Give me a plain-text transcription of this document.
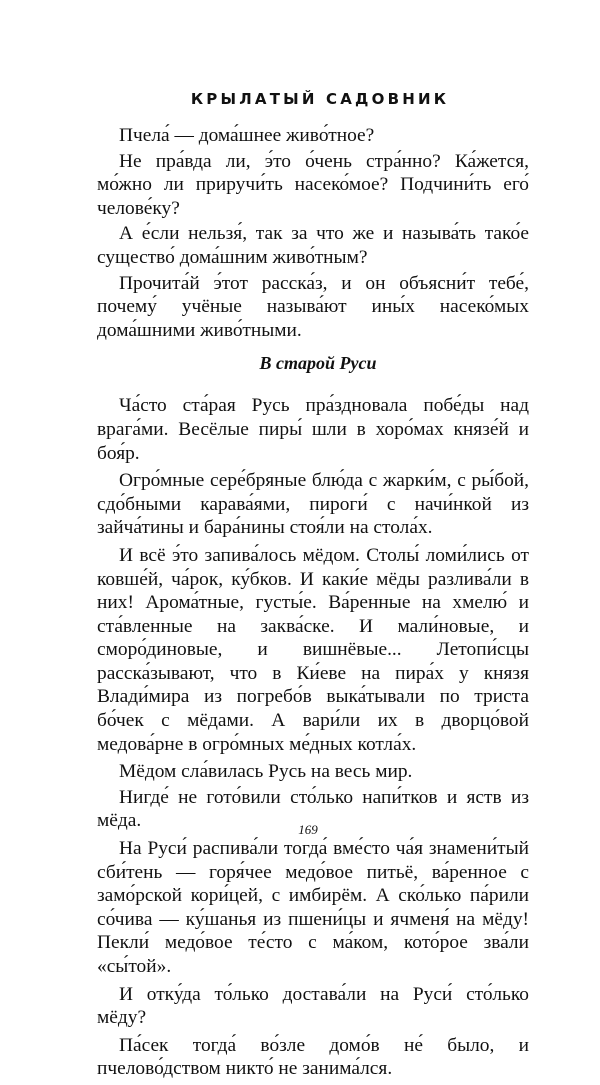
КРЫЛАТЫЙ САДОВНИК

Пчела́ — дома́шнее живо́тное?

Не пра́вда ли, э́то о́чень стра́нно? Ка́жется, мо́жно ли приручи́ть насеко́мое? Подчини́ть его́ челове́ку?

А е́сли нельзя́, так за что же и называ́ть тако́е существо́ дома́шним живо́тным?

Прочита́й э́тот расска́з, и он объясни́т тебе́, почему́ учёные называ́ют ины́х насеко́мых дома́шними живо́тными.

В старой Руси

Ча́сто ста́рая Русь пра́здновала побе́ды над врага́ми. Весёлые пиры́ шли в хоро́мах князе́й и боя́р.

Огро́мные сере́бряные блю́да с жарки́м, с ры́бой, сдо́бными карава́ями, пироги́ с начи́нкой из зайча́тины и бара́нины стоя́ли на стола́х.

И всё э́то запива́лось мёдом. Столы́ ломи́лись от ковше́й, ча́рок, ку́бков. И каки́е мёды разлива́ли в них! Арома́тные, густы́е. Ва́ренные на хмелю́ и ста́вленные на заква́ске. И мали́новые, и сморо́диновые, и вишнёвые... Летопи́сцы расска́зывают, что в Ки́еве на пира́х у князя Влади́мира из погребо́в выка́тывали по триста бо́чек с мёдами. А вари́ли их в дворцо́вой медова́рне в огро́мных ме́дных котла́х.

Мёдом сла́вилась Русь на весь мир.

Нигде́ не гото́вили сто́лько напи́тков и яств из мёда.

На Руси́ распива́ли тогда́ вме́сто ча́я знамени́тый сби́тень — горя́чее медо́вое питьё, ва́ренное с замо́рской кори́цей, с имбирём. А ско́лько па́рили со́чива — ку́шанья из пшени́цы и ячменя́ на мёду! Пекли́ медо́вое те́сто с ма́ком, кото́рое зва́ли «сы́той».

И отку́да то́лько достава́ли на Руси́ сто́лько мёду?

Па́сек тогда́ во́зле домо́в не́ было, и пчелово́дством никто́ не занима́лся.

169
